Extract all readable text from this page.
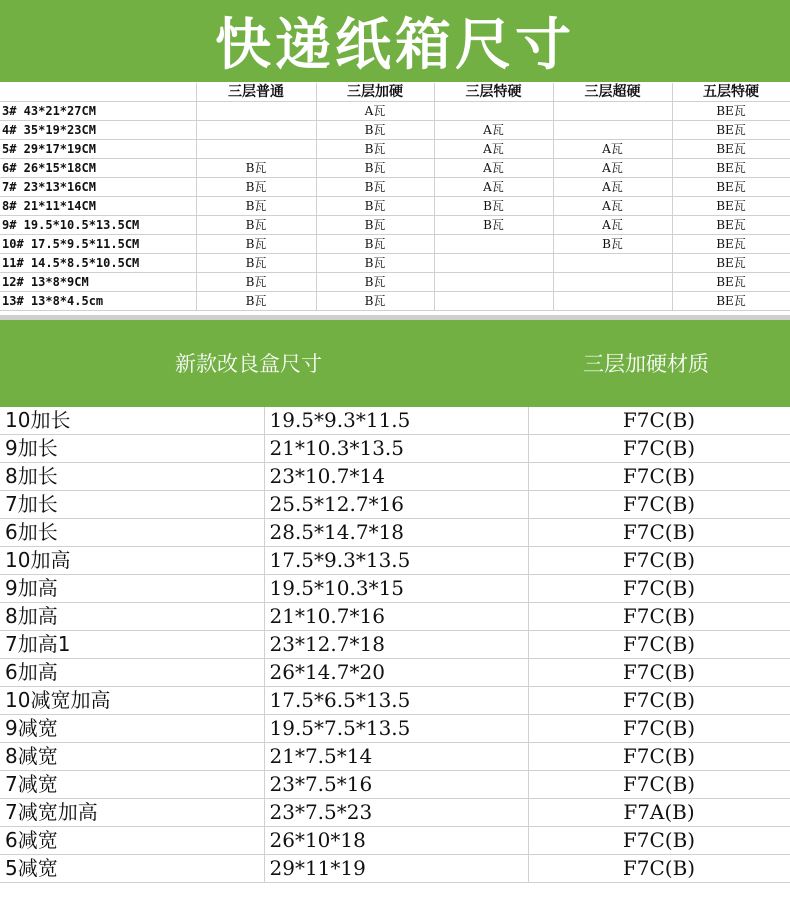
快递纸箱尺寸
	三层普通	三层加硬	三层特硬	三层超硬	五层特硬
3# 43*21*27CM		A瓦			BE瓦
4# 35*19*23CM		B瓦	A瓦		BE瓦
5# 29*17*19CM		B瓦	A瓦	A瓦	BE瓦
6# 26*15*18CM	B瓦	B瓦	A瓦	A瓦	BE瓦
7# 23*13*16CM	B瓦	B瓦	A瓦	A瓦	BE瓦
8# 21*11*14CM	B瓦	B瓦	B瓦	A瓦	BE瓦
9# 19.5*10.5*13.5CM	B瓦	B瓦	B瓦	A瓦	BE瓦
10# 17.5*9.5*11.5CM	B瓦	B瓦		B瓦	BE瓦
11# 14.5*8.5*10.5CM	B瓦	B瓦			BE瓦
12# 13*8*9CM	B瓦	B瓦			BE瓦
13# 13*8*4.5cm	B瓦	B瓦			BE瓦
新款改良盒尺寸	三层加硬材质
10加长	19.5*9.3*11.5	F7C(B)
9加长	21*10.3*13.5	F7C(B)
8加长	23*10.7*14	F7C(B)
7加长	25.5*12.7*16	F7C(B)
6加长	28.5*14.7*18	F7C(B)
10加高	17.5*9.3*13.5	F7C(B)
9加高	19.5*10.3*15	F7C(B)
8加高	21*10.7*16	F7C(B)
7加高1	23*12.7*18	F7C(B)
6加高	26*14.7*20	F7C(B)
10减宽加高	17.5*6.5*13.5	F7C(B)
9减宽	19.5*7.5*13.5	F7C(B)
8减宽	21*7.5*14	F7C(B)
7减宽	23*7.5*16	F7C(B)
7减宽加高	23*7.5*23	F7A(B)
6减宽	26*10*18	F7C(B)
5减宽	29*11*19	F7C(B)
